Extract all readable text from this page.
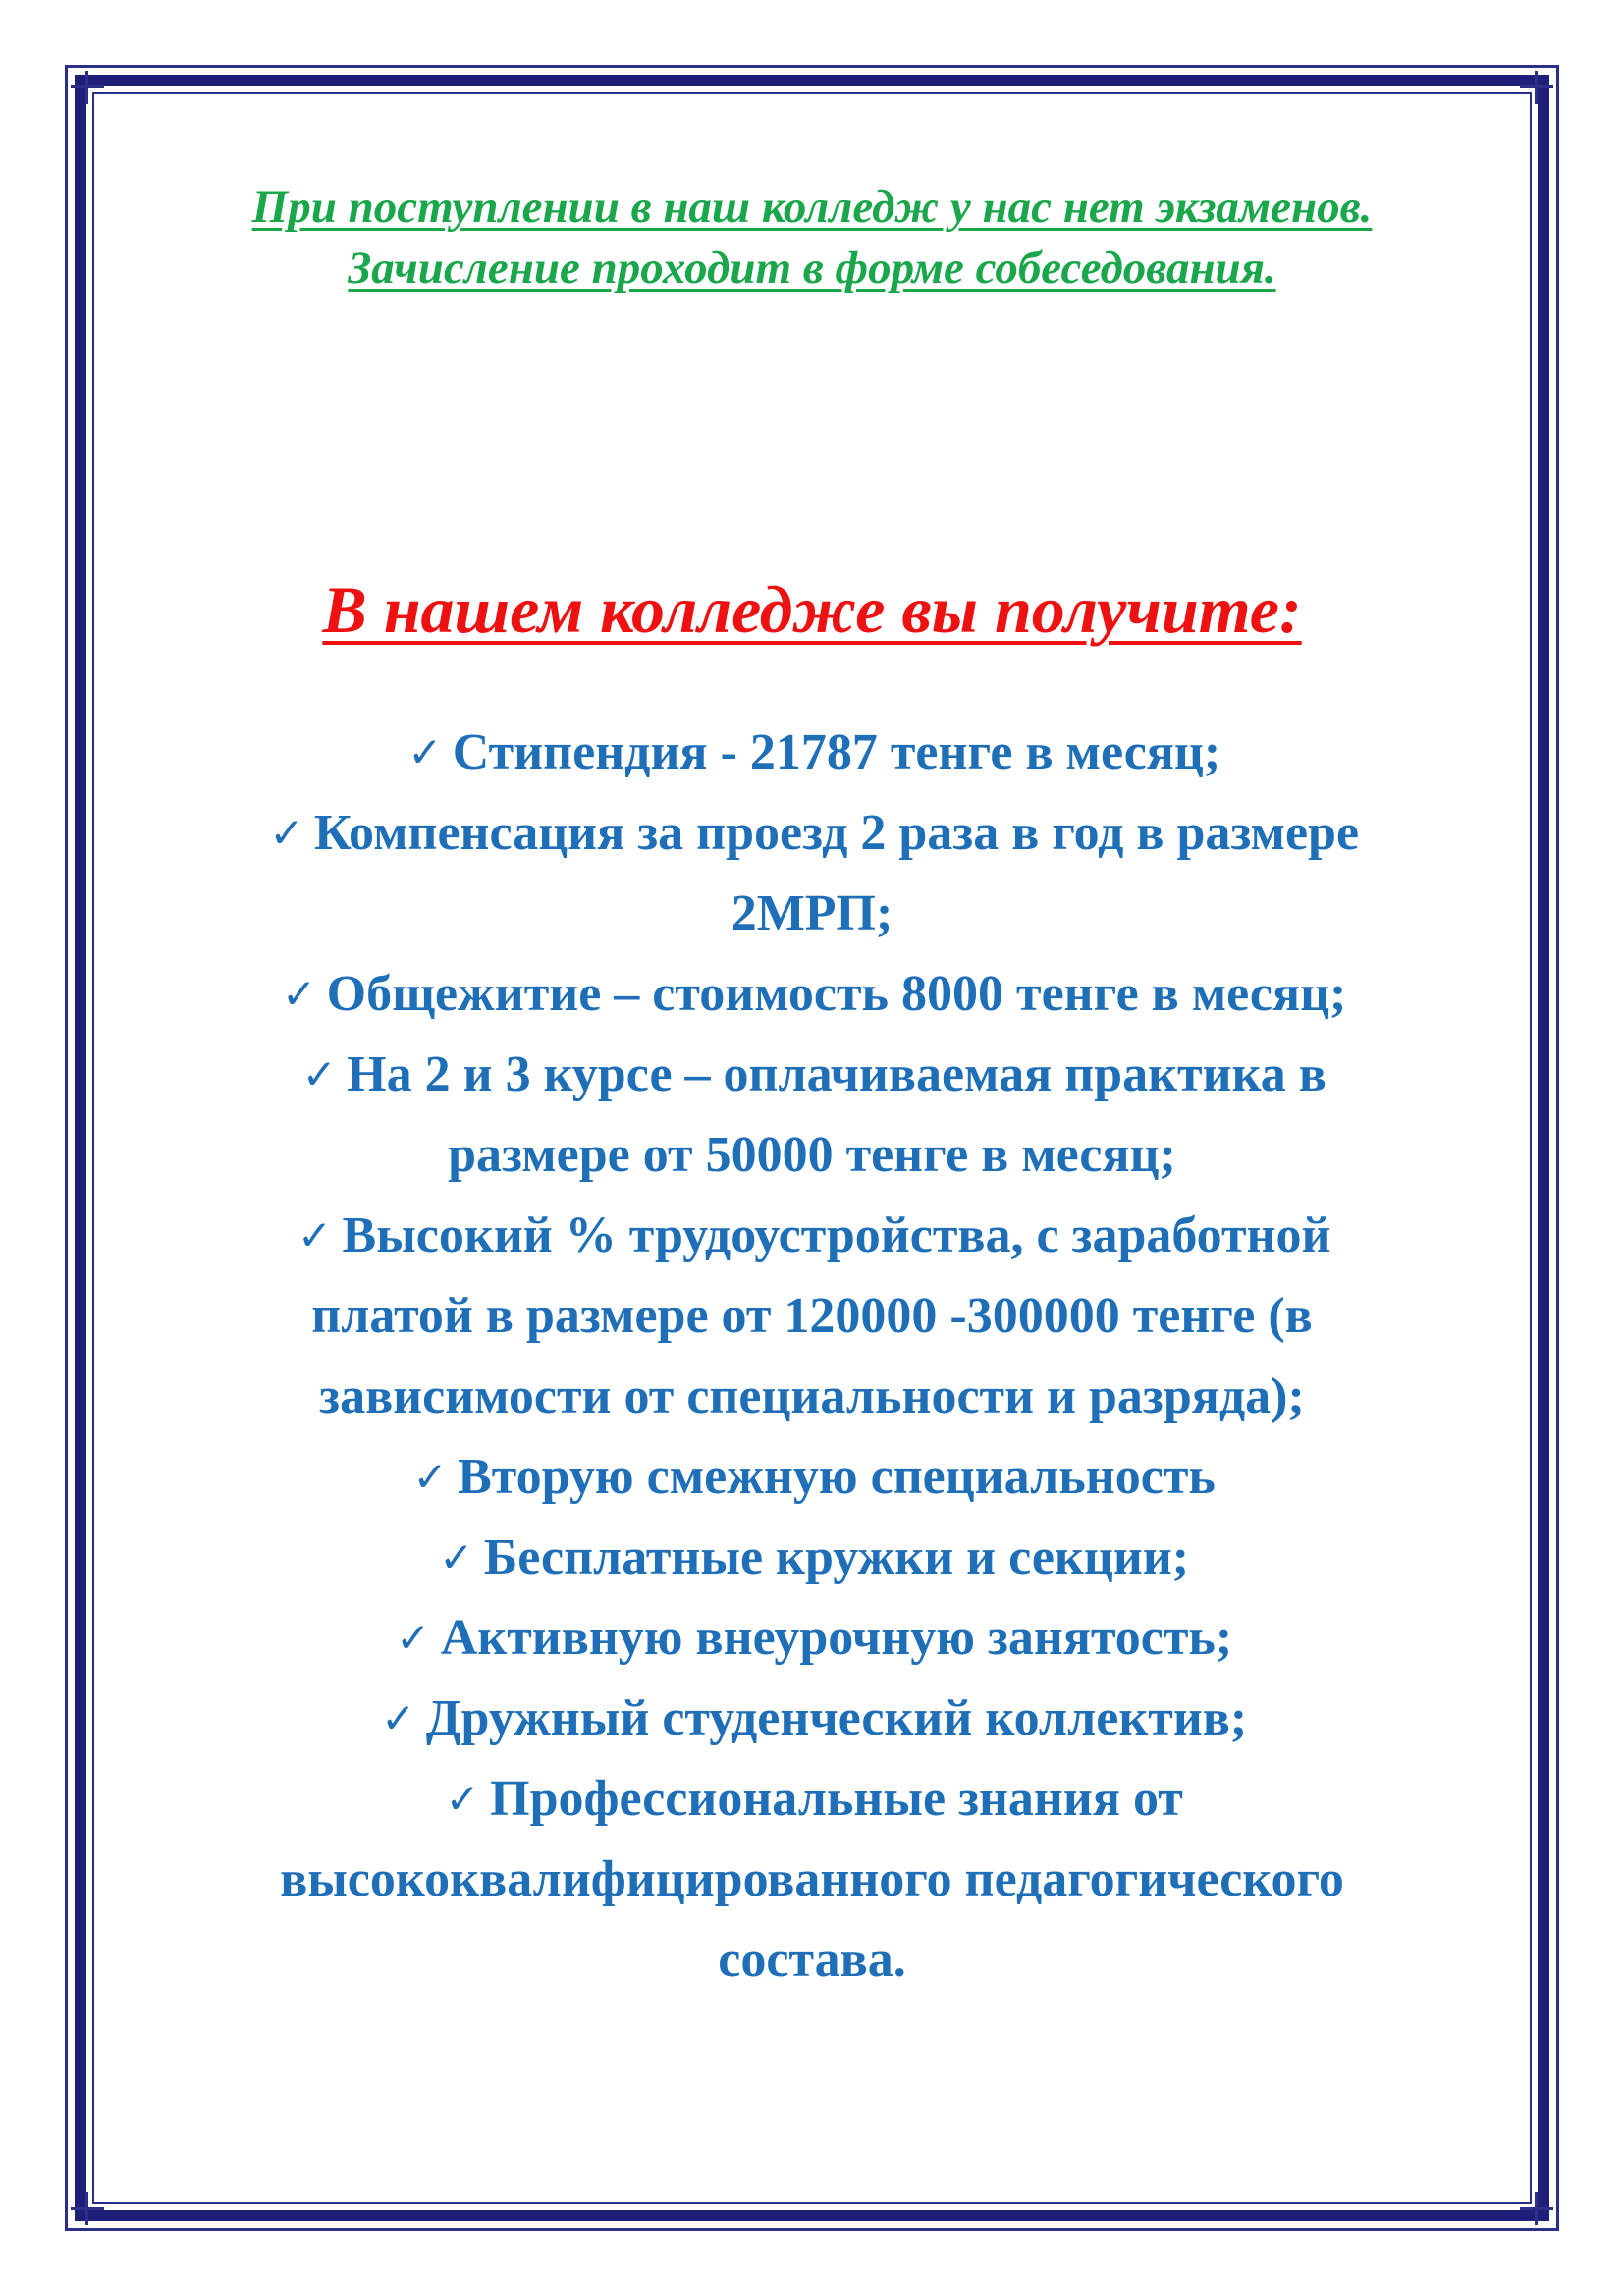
При поступлении в наш колледж у нас нет экзаменов.
Зачисление проходит в форме собеседования.
В нашем колледже вы получите:
✓ Стипендия - 21787 тенге в месяц;
✓ Компенсация за проезд 2 раза в год в размере
2МРП;
✓ Общежитие – стоимость 8000 тенге в месяц;
✓ На 2 и 3 курсе – оплачиваемая практика в
размере от 50000 тенге в месяц;
✓ Высокий % трудоустройства, с заработной
платой в размере от 120000 -300000 тенге (в
зависимости от специальности и разряда);
✓ Вторую смежную специальность
✓ Бесплатные кружки и секции;
✓ Активную внеурочную занятость;
✓ Дружный студенческий коллектив;
✓ Профессиональные знания от
высококвалифицированного педагогического
состава.
